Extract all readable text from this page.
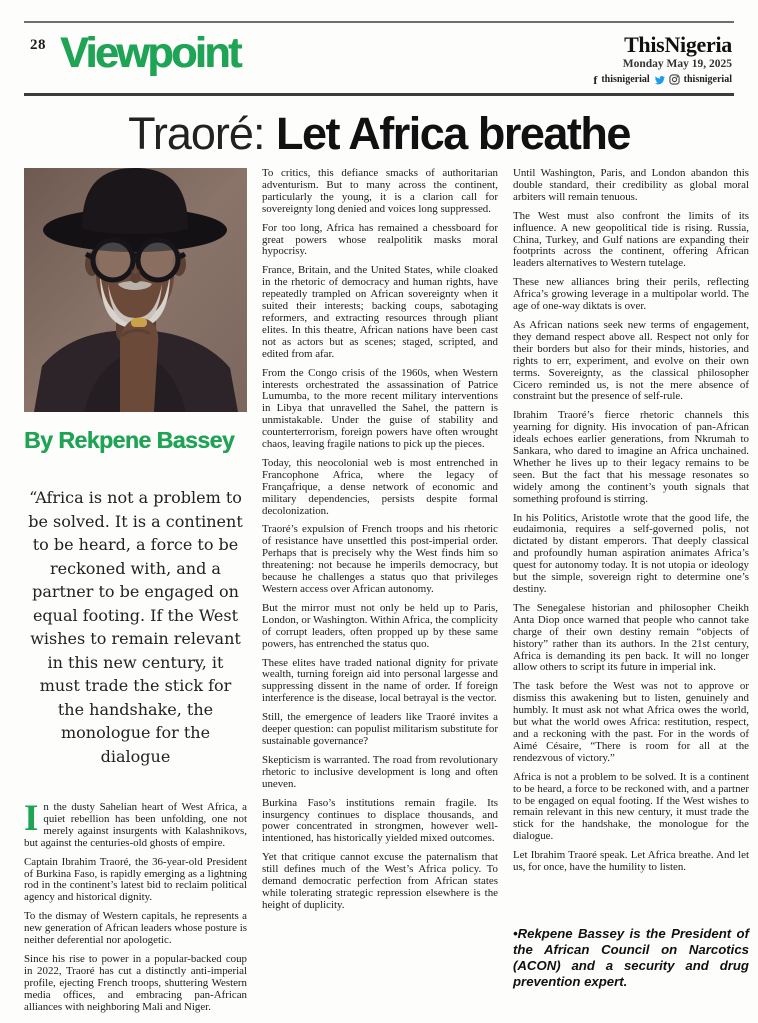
28 Viewpoint	ThisNigeria
Monday May 19, 2025
f thisnigerial	thisnigerial
Traoré: Let Africa breathe
By Rekpene Bassey
“Africa is not a problem to be solved. It is a continent to be heard, a force to be reckoned with, and a partner to be engaged on equal footing. If the West wishes to remain relevant in this new century, it must trade the stick for the handshake, the monologue for the dialogue

In the dusty Sahelian heart of West Africa, a quiet rebellion has been unfolding, one not merely against insurgents with Kalashnikovs, but against the centuries-old ghosts of empire.

Captain Ibrahim Traoré, the 36-year-old President of Burkina Faso, is rapidly emerging as a lightning rod in the continent’s latest bid to reclaim political agency and historical dignity.

To the dismay of Western capitals, he represents a new generation of African leaders whose posture is neither deferential nor apologetic.

Since his rise to power in a popular-backed coup in 2022, Traoré has cut a distinctly anti-imperial profile, ejecting French troops, shuttering Western media offices, and embracing pan-African alliances with neighboring Mali and Niger.

To critics, this defiance smacks of authoritarian adventurism. But to many across the continent, particularly the young, it is a clarion call for sovereignty long denied and voices long suppressed.

For too long, Africa has remained a chessboard for great powers whose realpolitik masks moral hypocrisy.

France, Britain, and the United States, while cloaked in the rhetoric of democracy and human rights, have repeatedly trampled on African sovereignty when it suited their interests; backing coups, sabotaging reformers, and extracting resources through pliant elites. In this theatre, African nations have been cast not as actors but as scenes; staged, scripted, and edited from afar.

From the Congo crisis of the 1960s, when Western interests orchestrated the assassination of Patrice Lumumba, to the more recent military interventions in Libya that unravelled the Sahel, the pattern is unmistakable. Under the guise of stability and counterterrorism, foreign powers have often wrought chaos, leaving fragile nations to pick up the pieces.

Today, this neocolonial web is most entrenched in Francophone Africa, where the legacy of Françafrique, a dense network of economic and military dependencies, persists despite formal decolonization.

Traoré’s expulsion of French troops and his rhetoric of resistance have unsettled this post-imperial order. Perhaps that is precisely why the West finds him so threatening: not because he imperils democracy, but because he challenges a status quo that privileges Western access over African autonomy.

But the mirror must not only be held up to Paris, London, or Washington. Within Africa, the complicity of corrupt leaders, often propped up by these same powers, has entrenched the status quo.

These elites have traded national dignity for private wealth, turning foreign aid into personal largesse and suppressing dissent in the name of order. If foreign interference is the disease, local betrayal is the vector.

Still, the emergence of leaders like Traoré invites a deeper question: can populist militarism substitute for sustainable governance?

Skepticism is warranted. The road from revolutionary rhetoric to inclusive development is long and often uneven.

Burkina Faso’s institutions remain fragile. Its insurgency continues to displace thousands, and power concentrated in strongmen, however well-intentioned, has historically yielded mixed outcomes.

Yet that critique cannot excuse the paternalism that still defines much of the West’s Africa policy. To demand democratic perfection from African states while tolerating strategic repression elsewhere is the height of duplicity.

Until Washington, Paris, and London abandon this double standard, their credibility as global moral arbiters will remain tenuous.

The West must also confront the limits of its influence. A new geopolitical tide is rising. Russia, China, Turkey, and Gulf nations are expanding their footprints across the continent, offering African leaders alternatives to Western tutelage.

These new alliances bring their perils, reflecting Africa’s growing leverage in a multipolar world. The age of one-way diktats is over.

As African nations seek new terms of engagement, they demand respect above all. Respect not only for their borders but also for their minds, histories, and rights to err, experiment, and evolve on their own terms. Sovereignty, as the classical philosopher Cicero reminded us, is not the mere absence of constraint but the presence of self-rule.

Ibrahim Traoré’s fierce rhetoric channels this yearning for dignity. His invocation of pan-African ideals echoes earlier generations, from Nkrumah to Sankara, who dared to imagine an Africa unchained. Whether he lives up to their legacy remains to be seen. But the fact that his message resonates so widely among the continent’s youth signals that something profound is stirring.

In his Politics, Aristotle wrote that the good life, the eudaimonia, requires a self-governed polis, not dictated by distant emperors. That deeply classical and profoundly human aspiration animates Africa’s quest for autonomy today. It is not utopia or ideology but the simple, sovereign right to determine one’s destiny.

The Senegalese historian and philosopher Cheikh Anta Diop once warned that people who cannot take charge of their own destiny remain “objects of history” rather than its authors. In the 21st century, Africa is demanding its pen back. It will no longer allow others to script its future in imperial ink.

The task before the West was not to approve or dismiss this awakening but to listen, genuinely and humbly. It must ask not what Africa owes the world, but what the world owes Africa: restitution, respect, and a reckoning with the past. For in the words of Aimé Césaire, “There is room for all at the rendezvous of victory.”

Africa is not a problem to be solved. It is a continent to be heard, a force to be reckoned with, and a partner to be engaged on equal footing. If the West wishes to remain relevant in this new century, it must trade the stick for the handshake, the monologue for the dialogue.

Let Ibrahim Traoré speak. Let Africa breathe. And let us, for once, have the humility to listen.

•Rekpene Bassey is the President of the African Council on Narcotics (ACON) and a security and drug prevention expert.
